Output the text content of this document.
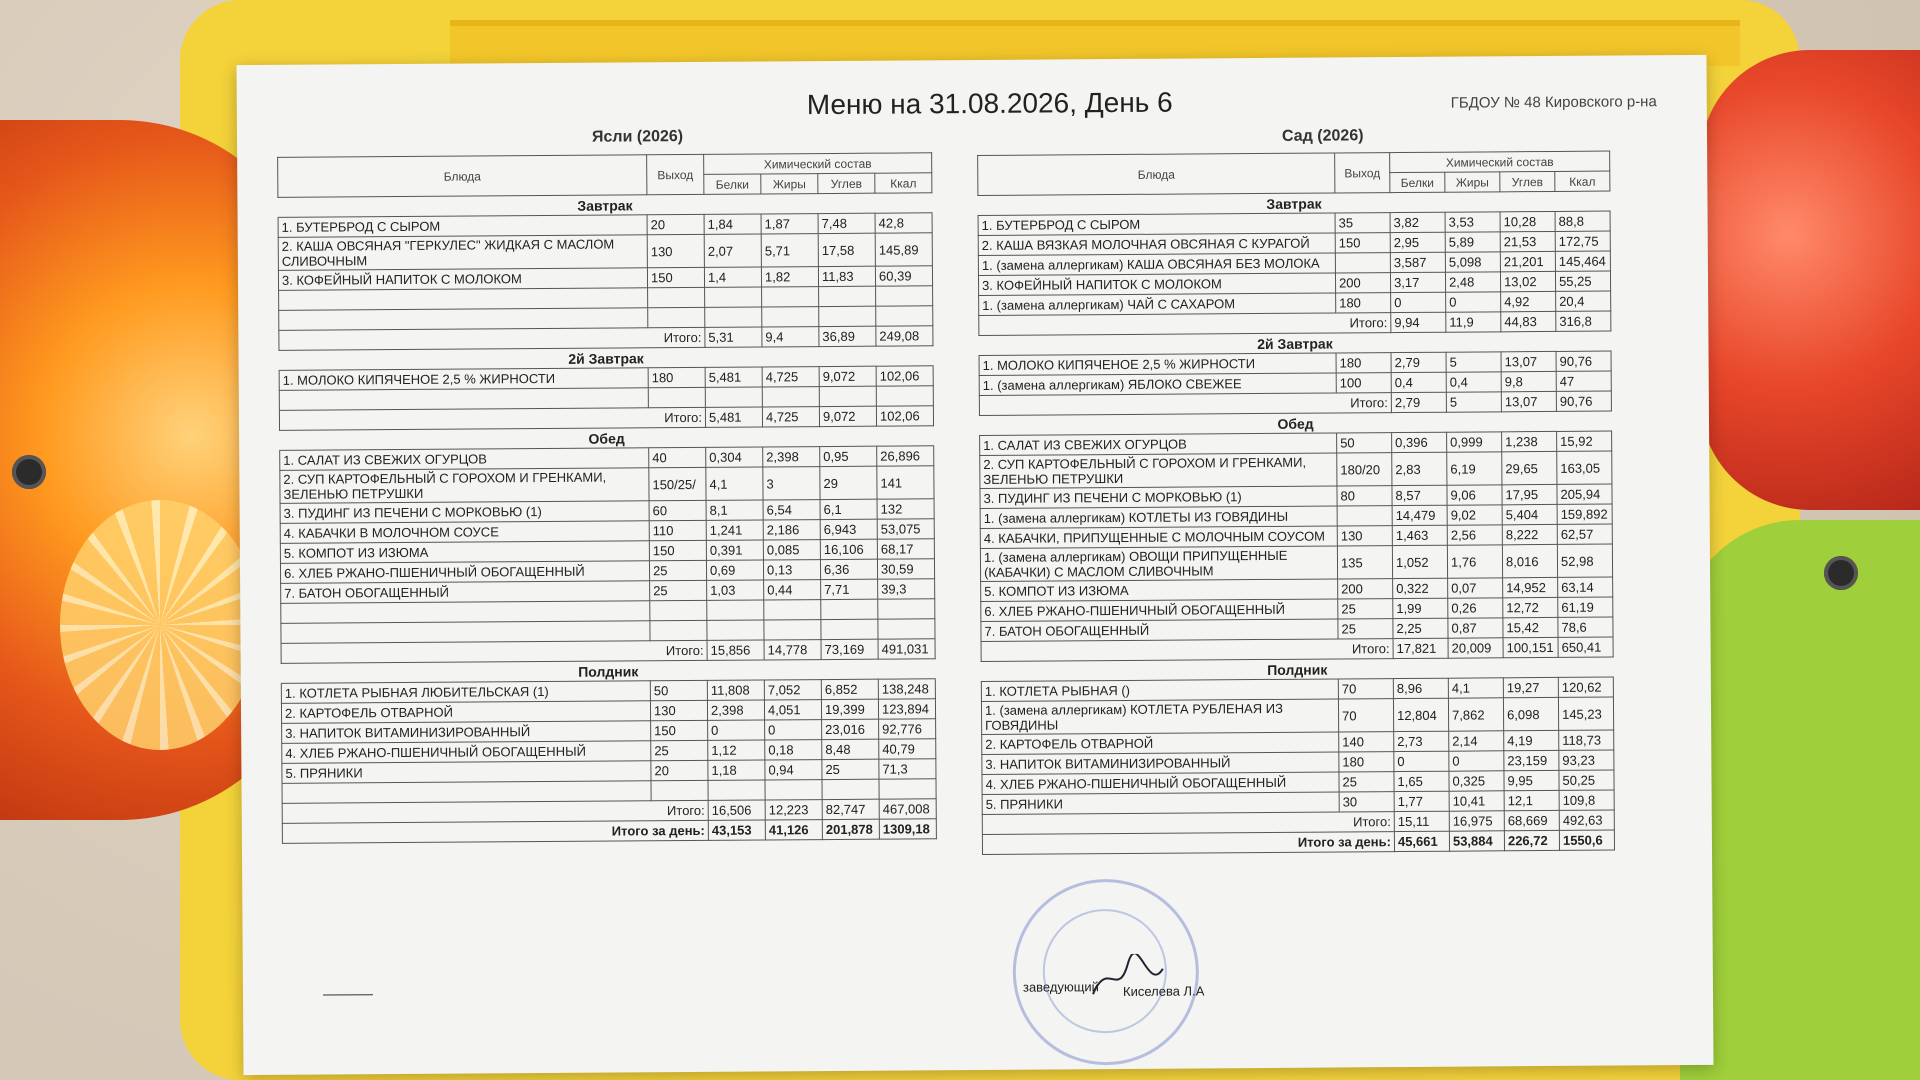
Меню на 31.08.2026, День 6	ГБДОУ № 48 Кировского р-на
Ясли (2026)	Сад (2026)
Блюда	Выход	Химический состав			
		Белки	Жиры	Углев	Ккал
Завтрак					
1. БУТЕРБРОД С СЫРОМ	20	1,84	1,87	7,48	42,8
2. КАША ОВСЯНАЯ "ГЕРКУЛЕС" ЖИДКАЯ С МАСЛОМ СЛИВОЧНЫМ	130	2,07	5,71	17,58	145,89
3. КОФЕЙНЫЙ НАПИТОК С МОЛОКОМ	150	1,4	1,82	11,83	60,39

Итого:		5,31	9,4	36,89	249,08
2й Завтрак					
1. МОЛОКО КИПЯЧЕНОЕ 2,5 % ЖИРНОСТИ	180	5,481	4,725	9,072	102,06

Итого:		5,481	4,725	9,072	102,06
Обед					
1. САЛАТ ИЗ СВЕЖИХ ОГУРЦОВ	40	0,304	2,398	0,95	26,896
2. СУП КАРТОФЕЛЬНЫЙ С ГОРОХОМ И ГРЕНКАМИ, ЗЕЛЕНЬЮ ПЕТРУШКИ	150/25/	4,1	3	29	141
3. ПУДИНГ ИЗ ПЕЧЕНИ С МОРКОВЬЮ (1)	60	8,1	6,54	6,1	132
4. КАБАЧКИ В МОЛОЧНОМ СОУСЕ	110	1,241	2,186	6,943	53,075
5. КОМПОТ ИЗ ИЗЮМА	150	0,391	0,085	16,106	68,17
6. ХЛЕБ РЖАНО-ПШЕНИЧНЫЙ ОБОГАЩЕННЫЙ	25	0,69	0,13	6,36	30,59
7. БАТОН ОБОГАЩЕННЫЙ	25	1,03	0,44	7,71	39,3

Итого:		15,856	14,778	73,169	491,031
Полдник					
1. КОТЛЕТА РЫБНАЯ ЛЮБИТЕЛЬСКАЯ (1)	50	11,808	7,052	6,852	138,248
2. КАРТОФЕЛЬ ОТВАРНОЙ	130	2,398	4,051	19,399	123,894
3. НАПИТОК ВИТАМИНИЗИРОВАННЫЙ	150	0	0	23,016	92,776
4. ХЛЕБ РЖАНО-ПШЕНИЧНЫЙ ОБОГАЩЕННЫЙ	25	1,12	0,18	8,48	40,79
5. ПРЯНИКИ	20	1,18	0,94	25	71,3

Итого:		16,506	12,223	82,747	467,008
Итого за день:		43,153	41,126	201,878	1309,18
Блюда	Выход	Химический состав			
		Белки	Жиры	Углев	Ккал
Завтрак					
1. БУТЕРБРОД С СЫРОМ	35	3,82	3,53	10,28	88,8
2. КАША ВЯЗКАЯ МОЛОЧНАЯ ОВСЯНАЯ С КУРАГОЙ	150	2,95	5,89	21,53	172,75
1. (замена аллергикам) КАША ОВСЯНАЯ БЕЗ МОЛОКА		3,587	5,098	21,201	145,464
3. КОФЕЙНЫЙ НАПИТОК С МОЛОКОМ	200	3,17	2,48	13,02	55,25
1. (замена аллергикам) ЧАЙ С САХАРОМ	180	0	0	4,92	20,4
Итого:		9,94	11,9	44,83	316,8
2й Завтрак					
1. МОЛОКО КИПЯЧЕНОЕ 2,5 % ЖИРНОСТИ	180	2,79	5	13,07	90,76
1. (замена аллергикам) ЯБЛОКО СВЕЖЕЕ	100	0,4	0,4	9,8	47
Итого:		2,79	5	13,07	90,76
Обед					
1. САЛАТ ИЗ СВЕЖИХ ОГУРЦОВ	50	0,396	0,999	1,238	15,92
2. СУП КАРТОФЕЛЬНЫЙ С ГОРОХОМ И ГРЕНКАМИ, ЗЕЛЕНЬЮ ПЕТРУШКИ	180/20	2,83	6,19	29,65	163,05
3. ПУДИНГ ИЗ ПЕЧЕНИ С МОРКОВЬЮ (1)	80	8,57	9,06	17,95	205,94
1. (замена аллергикам) КОТЛЕТЫ ИЗ ГОВЯДИНЫ		14,479	9,02	5,404	159,892
4. КАБАЧКИ, ПРИПУЩЕННЫЕ С МОЛОЧНЫМ СОУСОМ	130	1,463	2,56	8,222	62,57
1. (замена аллергикам) ОВОЩИ ПРИПУЩЕННЫЕ (КАБАЧКИ) С МАСЛОМ СЛИВОЧНЫМ	135	1,052	1,76	8,016	52,98
5. КОМПОТ ИЗ ИЗЮМА	200	0,322	0,07	14,952	63,14
6. ХЛЕБ РЖАНО-ПШЕНИЧНЫЙ ОБОГАЩЕННЫЙ	25	1,99	0,26	12,72	61,19
7. БАТОН ОБОГАЩЕННЫЙ	25	2,25	0,87	15,42	78,6
Итого:		17,821	20,009	100,151	650,41
Полдник					
1. КОТЛЕТА РЫБНАЯ ()	70	8,96	4,1	19,27	120,62
1. (замена аллергикам) КОТЛЕТА РУБЛЕНАЯ ИЗ ГОВЯДИНЫ	70	12,804	7,862	6,098	145,23
2. КАРТОФЕЛЬ ОТВАРНОЙ	140	2,73	2,14	4,19	118,73
3. НАПИТОК ВИТАМИНИЗИРОВАННЫЙ	180	0	0	23,159	93,23
4. ХЛЕБ РЖАНО-ПШЕНИЧНЫЙ ОБОГАЩЕННЫЙ	25	1,65	0,325	9,95	50,25
5. ПРЯНИКИ	30	1,77	10,41	12,1	109,8
Итого:		15,11	16,975	68,669	492,63
Итого за день:		45,661	53,884	226,72	1550,6
заведующий Киселева Л.А
